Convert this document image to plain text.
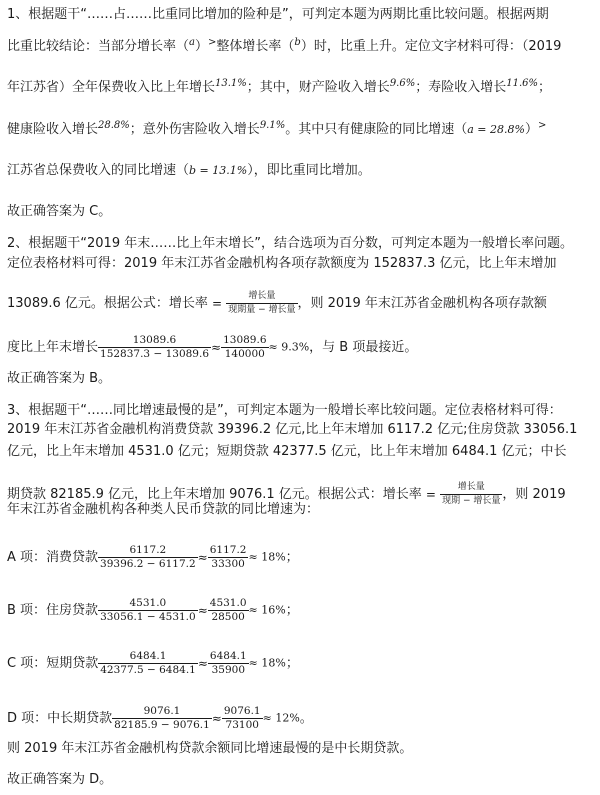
1、根据题干“……占……比重同比增加的险种是”，可判定本题为两期比重比较问题。根据两期
比重比较结论：当部分增长率（$^a$）>整体增长率（$^b$）时，比重上升。定位文字材料可得：（2019
年江苏省）全年保费收入比上年增长$^{13.1\%}$；其中，财产险收入增长$^{9.6\%}$；寿险收入增长$^{11.6\%}$；
健康险收入增长$^{28.8\%}$；意外伤害险收入增长$^{9.1\%}$。其中只有健康险的同比增速（a = 28.8%）>
江苏省总保费收入的同比增速（b = 13.1%），即比重同比增加。
故正确答案为 C。
2、根据题干“2019 年末……比上年末增长”，结合选项为百分数，可判定本题为一般增长率问题。
定位表格材料可得：2019 年末江苏省金融机构各项存款额度为 152837.3 亿元，比上年末增加
13089.6 亿元。根据公式：增长率 =
增长量
现期量 − 增长量 ，则 2019 年末江苏省金融机构各项存款额
度比上年末增长 $\frac{13089.6}{152837.3 - 13089.6} \approx \frac{13089.6}{140000} \approx 9.3\%$，与 B 项最接近。
故正确答案为 B。
3、根据题干“……同比增速最慢的是”，可判定本题为一般增长率比较问题。定位表格材料可得：
2019 年末江苏省金融机构消费贷款 39396.2 亿元,比上年末增加 6117.2 亿元;住房贷款 33056.1
亿元，比上年末增加 4531.0 亿元；短期贷款 42377.5 亿元，比上年末增加 6484.1 亿元；中长
期贷款 82185.9 亿元，比上年末增加 9076.1 亿元。根据公式：增长率 =
增长量
现期 − 增长量 ，则 2019
年末江苏省金融机构各种类人民币贷款的同比增速为：
A 项：消费贷款 $\frac{6117.2}{39396.2 - 6117.2} \approx \frac{6117.2}{33300} \approx 18\%$；
B 项：住房贷款 $\frac{4531.0}{33056.1 - 4531.0} \approx \frac{4531.0}{28500} \approx 16\%$；
C 项：短期贷款 $\frac{6484.1}{42377.5 - 6484.1} \approx \frac{6484.1}{35900} \approx 18\%$；
D 项：中长期贷款 $\frac{9076.1}{82185.9 - 9076.1} \approx \frac{9076.1}{73100} \approx 12\%$。
则 2019 年末江苏省金融机构贷款余额同比增速最慢的是中长期贷款。
故正确答案为 D。
